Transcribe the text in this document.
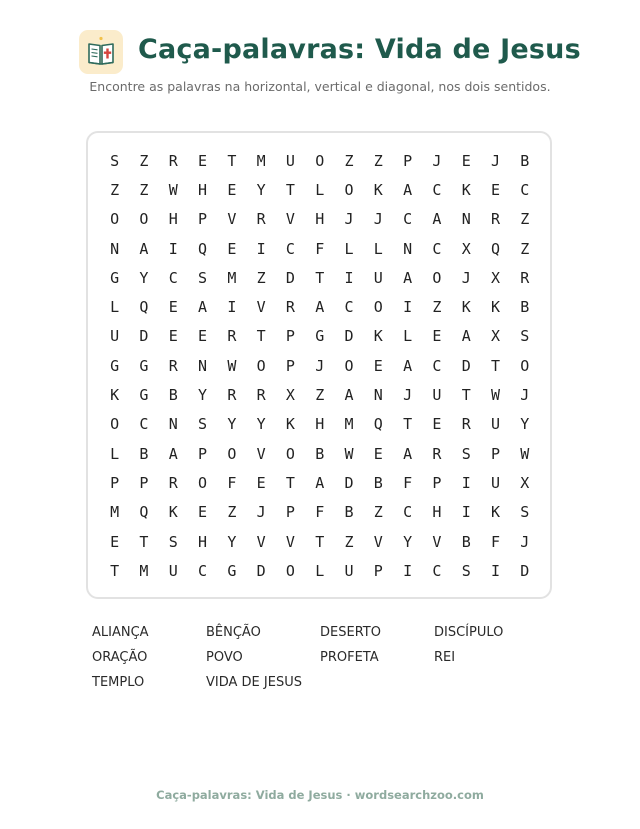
Caça-palavras: Vida de Jesus
Encontre as palavras na horizontal, vertical e diagonal, nos dois sentidos.
S	Z	R	E	T	M	U	O	Z	Z	P	J	E	J	B
Z	Z	W	H	E	Y	T	L	O	K	A	C	K	E	C
O	O	H	P	V	R	V	H	J	J	C	A	N	R	Z
N	A	I	Q	E	I	C	F	L	L	N	C	X	Q	Z
G	Y	C	S	M	Z	D	T	I	U	A	O	J	X	R
L	Q	E	A	I	V	R	A	C	O	I	Z	K	K	B
U	D	E	E	R	T	P	G	D	K	L	E	A	X	S
G	G	R	N	W	O	P	J	O	E	A	C	D	T	O
K	G	B	Y	R	R	X	Z	A	N	J	U	T	W	J
O	C	N	S	Y	Y	K	H	M	Q	T	E	R	U	Y
L	B	A	P	O	V	O	B	W	E	A	R	S	P	W
P	P	R	O	F	E	T	A	D	B	F	P	I	U	X
M	Q	K	E	Z	J	P	F	B	Z	C	H	I	K	S
E	T	S	H	Y	V	V	T	Z	V	Y	V	B	F	J
T	M	U	C	G	D	O	L	U	P	I	C	S	I	D
ALIANÇA	BÊNÇÃO	DESERTO	DISCÍPULO
ORAÇÃO	POVO	PROFETA	REI
TEMPLO	VIDA DE JESUS
Caça-palavras: Vida de Jesus · wordsearchzoo.com
